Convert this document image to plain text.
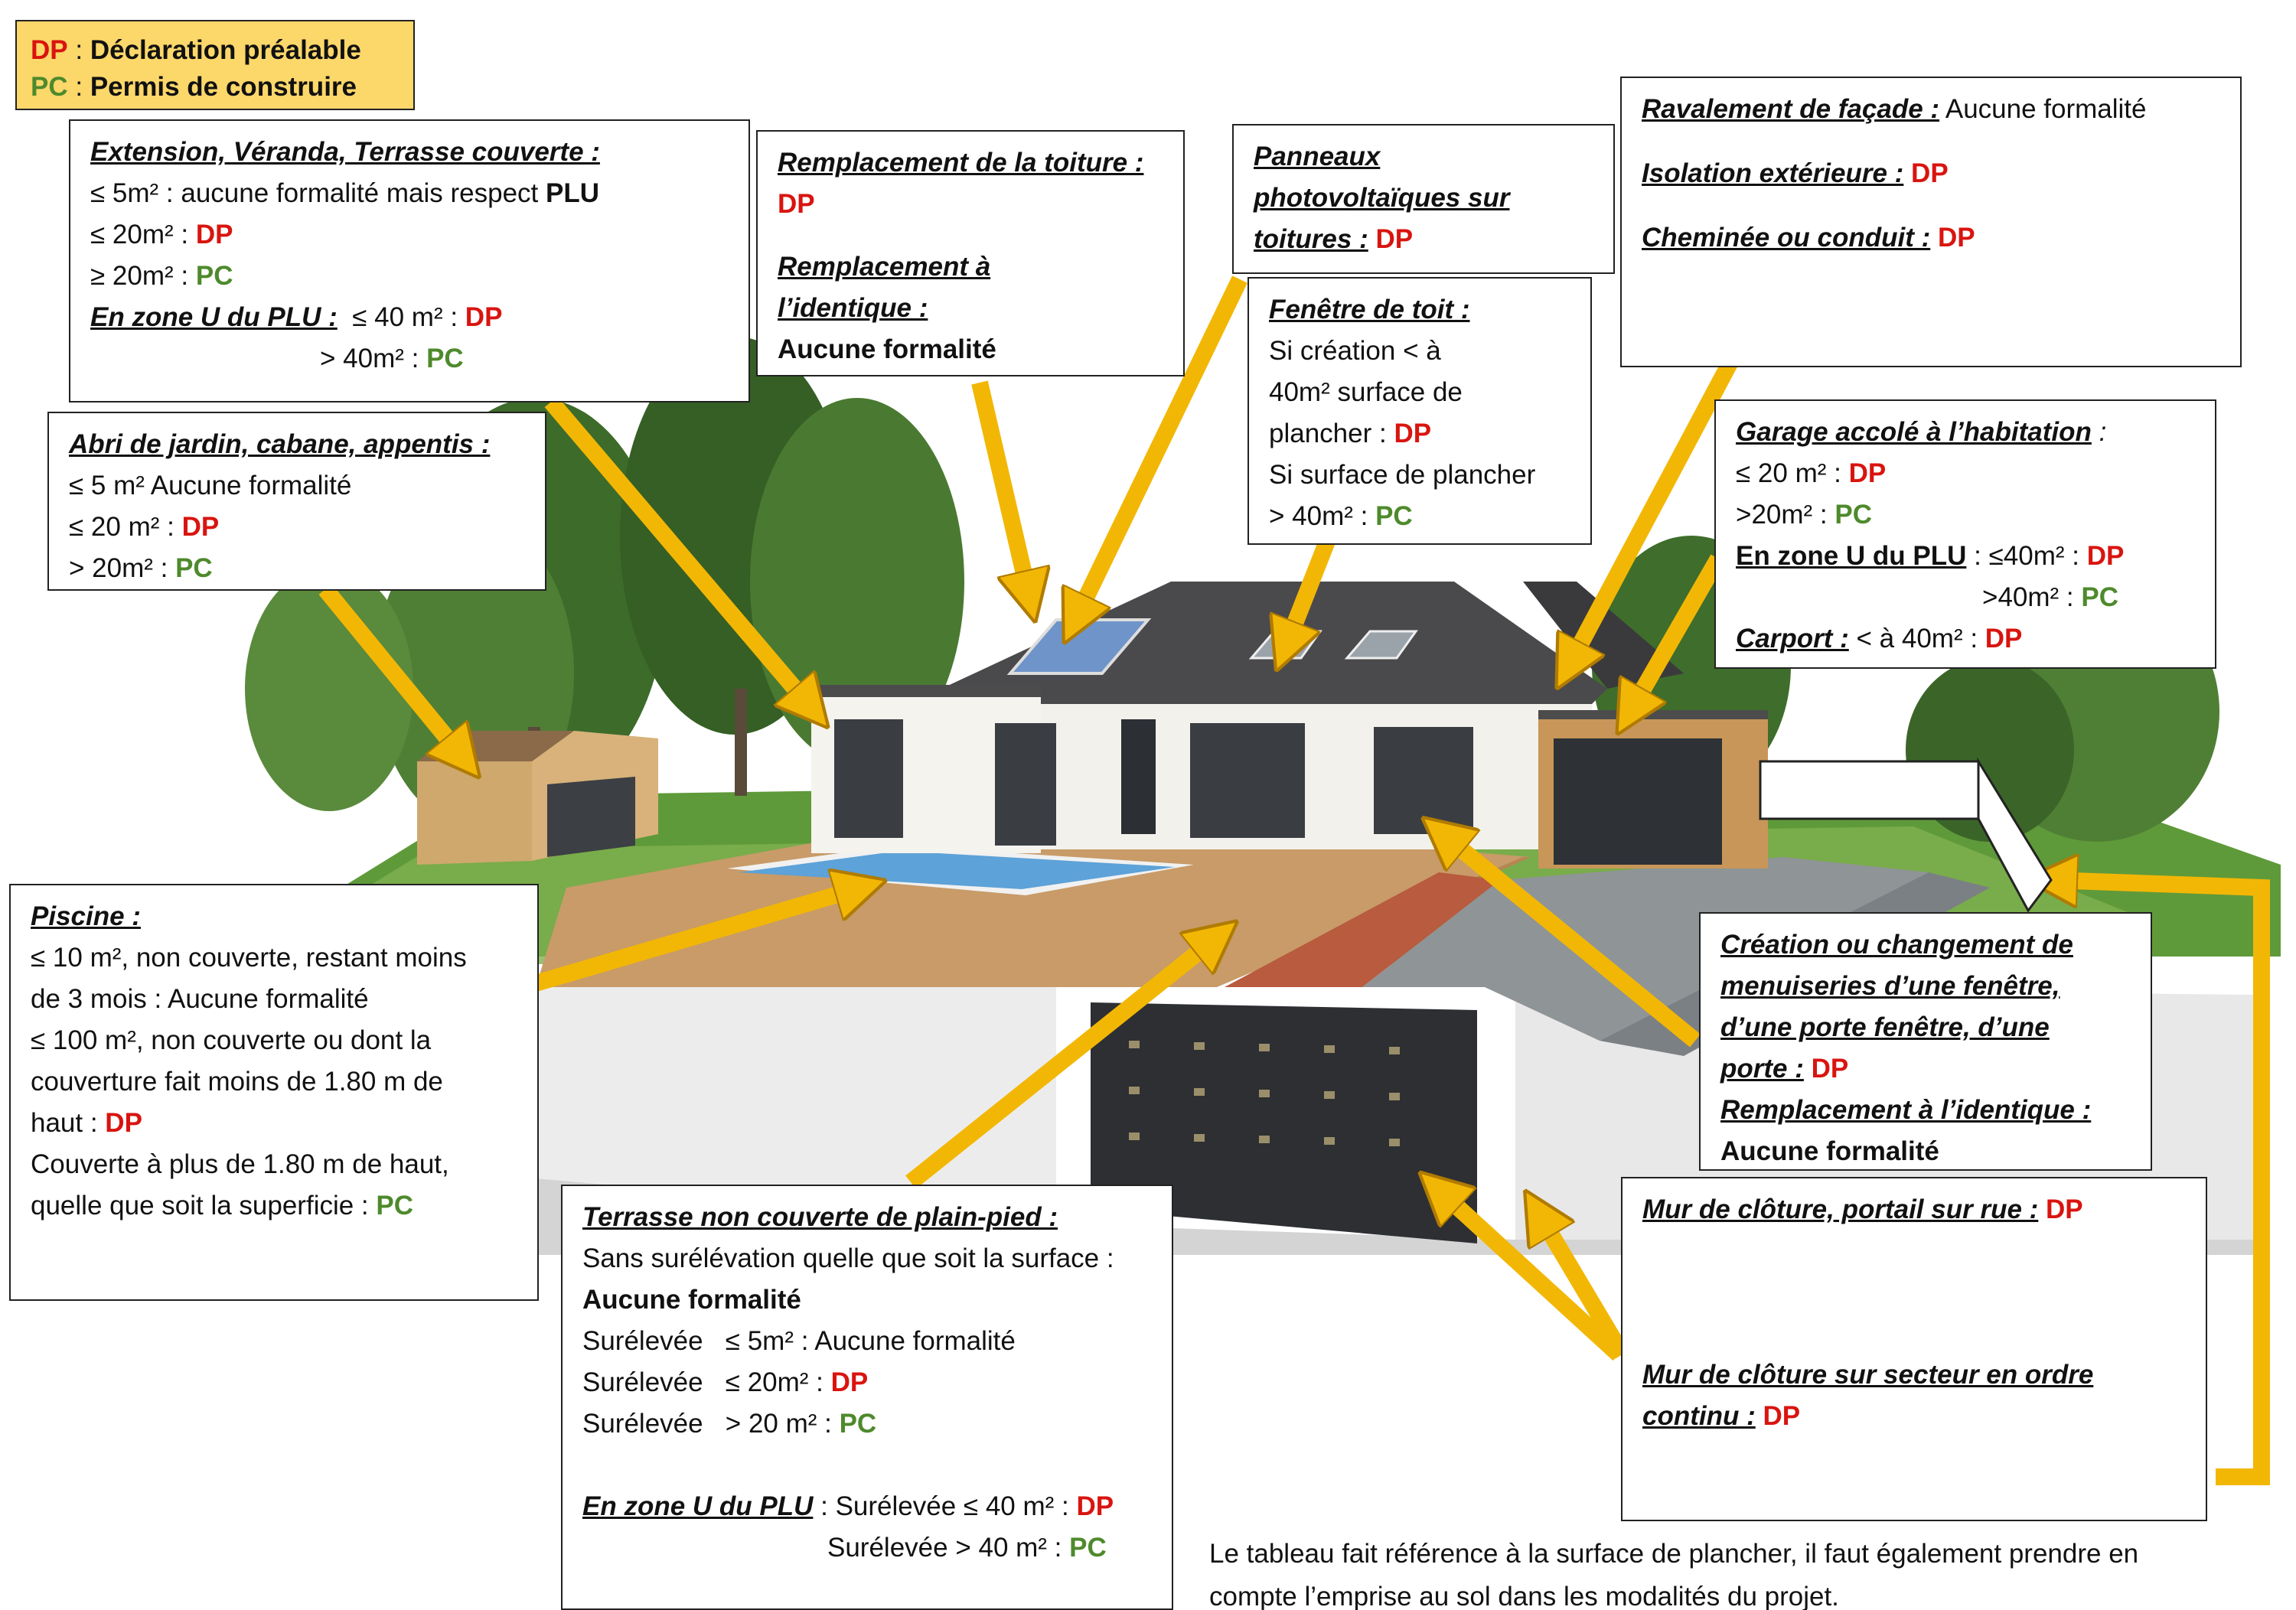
DP : Déclaration préalable
PC : Permis de construire
Extension, Véranda, Terrasse couverte :
≤ 5m² : aucune formalité mais respect PLU
≤ 20m² : DP
≥ 20m² : PC
En zone U du PLU :  ≤ 40 m² : DP
> 40m² : PC
Remplacement de la toiture :
DP
Remplacement à
l’identique :
Aucune formalité
Panneaux
photovoltaïques sur
toitures : DP
Ravalement de façade : Aucune formalité
Isolation extérieure : DP
Cheminée ou conduit : DP
Fenêtre de toit :
Si création < à
40m² surface de
plancher : DP
Si surface de plancher
> 40m² : PC
Abri de jardin, cabane, appentis :
≤ 5 m² Aucune formalité
≤ 20 m² : DP
> 20m² : PC
Garage accolé à l’habitation :
≤ 20 m² : DP
>20m² : PC
En zone U du PLU : ≤40m² : DP
>40m² : PC
Carport : < à 40m² : DP
Piscine :
≤ 10 m², non couverte, restant moins
de 3 mois : Aucune formalité
≤ 100 m², non couverte ou dont la
couverture fait moins de 1.80 m de
haut : DP
Couverte à plus de 1.80 m de haut,
quelle que soit la superficie : PC
Création ou changement de
menuiseries d’une fenêtre,
d’une porte fenêtre, d’une
porte : DP
Remplacement à l’identique :
Aucune formalité
Terrasse non couverte de plain-pied :
Sans surélévation quelle que soit la surface :
Aucune formalité
Surélevée   ≤ 5m² : Aucune formalité
Surélevée   ≤ 20m² : DP
Surélevée   > 20 m² : PC
En zone U du PLU : Surélevée ≤ 40 m² : DP
Surélevée > 40 m² : PC
Mur de clôture, portail sur rue : DP
Mur de clôture sur secteur en ordre
continu : DP
Le tableau fait référence à la surface de plancher, il faut également prendre en
compte l’emprise au sol dans les modalités du projet.
